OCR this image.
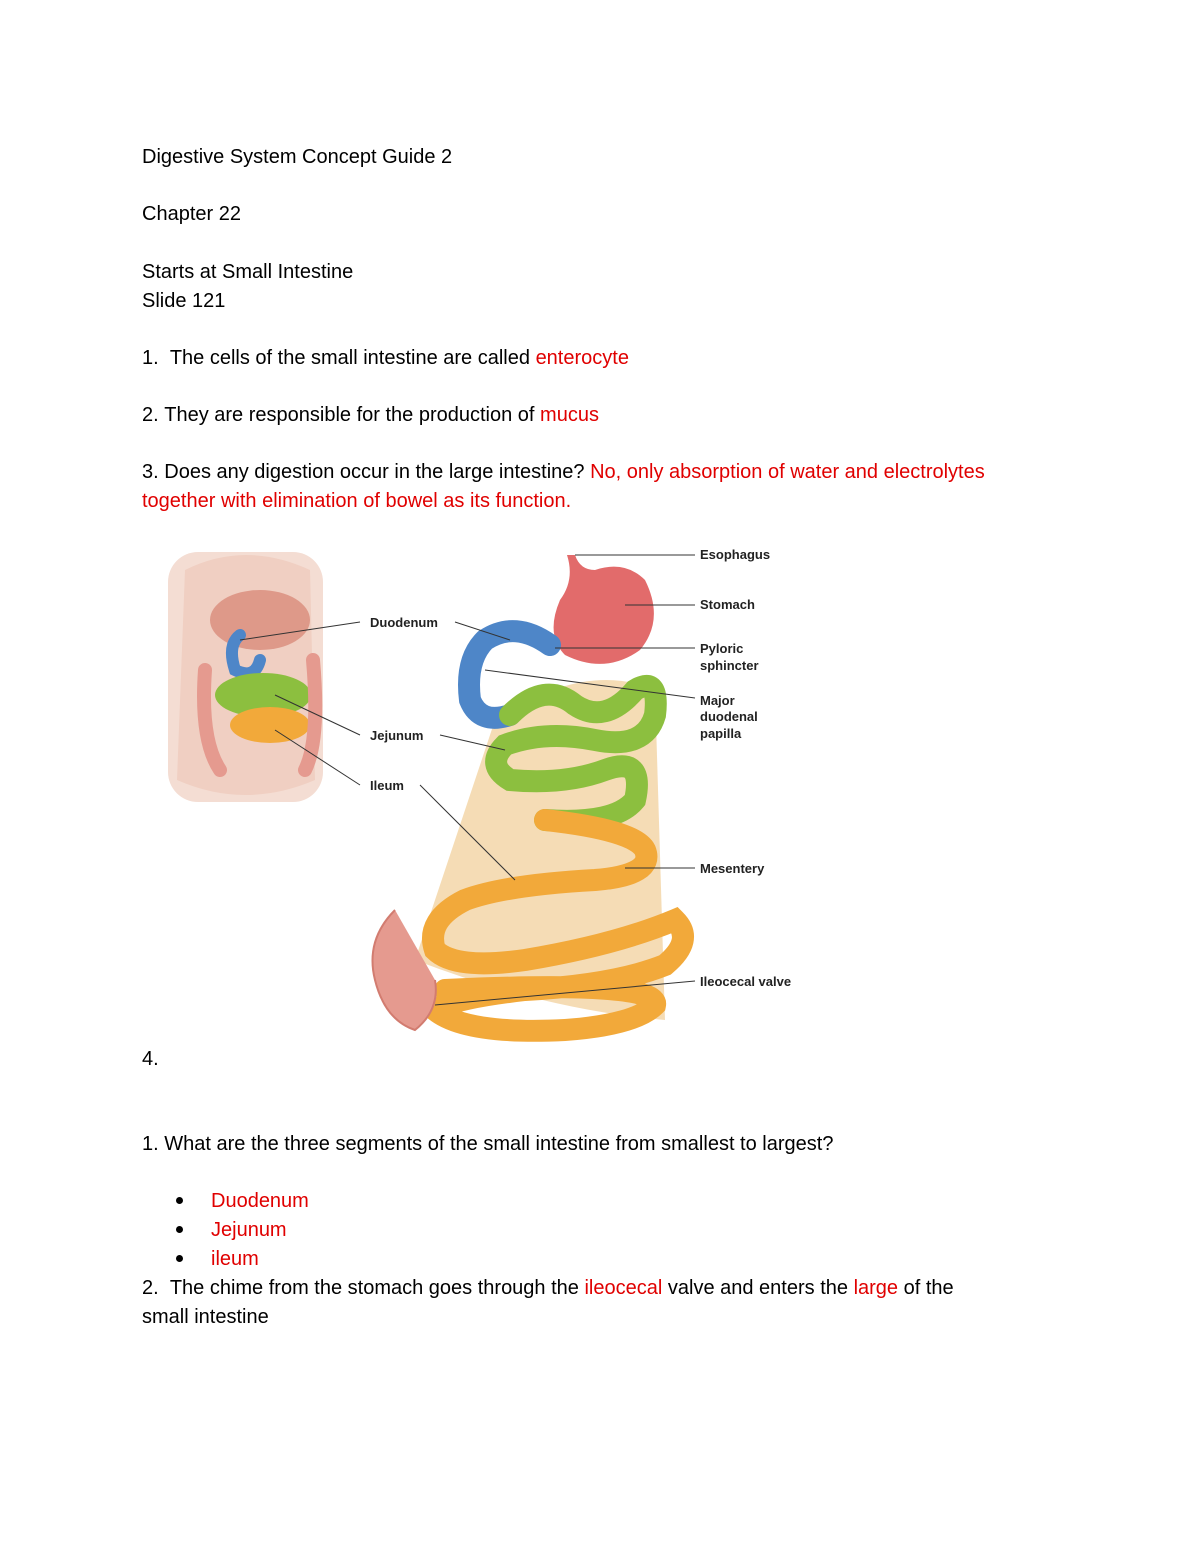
Digestive System Concept Guide 2
Chapter 22
Starts at Small Intestine
Slide 121
1. The cells of the small intestine are called enterocyte
2. They are responsible for the production of mucus
3. Does any digestion occur in the large intestine? No, only absorption of water and electrolytes
together with elimination of bowel as its function.
Esophagus
Stomach
Pyloric
sphincter
Major
duodenal
papilla
Mesentery
Ileocecal valve
Duodenum
Jejunum
Ileum
4.
1. What are the three segments of the small intestine from smallest to largest?
Duodenum
Jejunum
ileum
2. The chime from the stomach goes through the ileocecal valve and enters the large of the
small intestine
